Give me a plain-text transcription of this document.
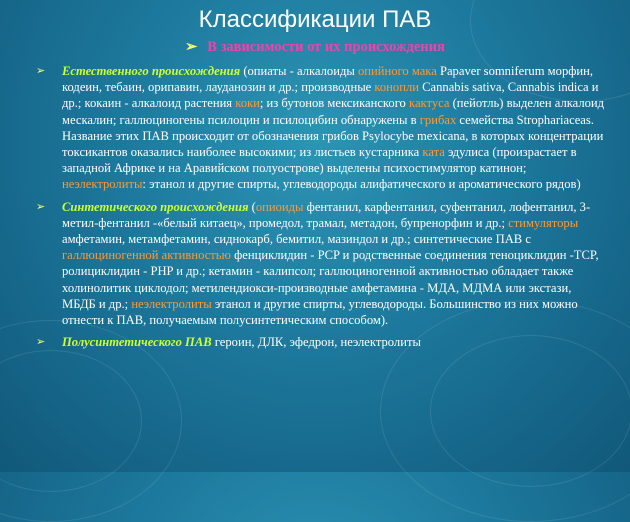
Классификации ПАВ
➢ В зависимости от их происхождения
➢ Естественного происхождения (опиаты - алкалоиды опийного мака Papaver somniferum морфин, кодеин, тебаин, орипавин, лауданозин и др.; производные конопли Cannabis sativa, Cannabis indica и др.; кокаин - алкалоид растения коки; из бутонов мексиканского кактуса (пейотль) выделен алкалоид мескалин; галлюциногены псилоцин и псилоцибин обнаружены в грибах семейства Strophariaceas. Название этих ПАВ происходит от обозначения грибов Psylocybe mexicana, в которых концентрации токсикантов оказались наиболее высокими; из листьев кустарника ката эдулиса (произрастает в западной Африке и на Аравийском полуострове) выделены психостимулятор катинон; неэлектролиты: этанол и другие спирты, углеводороды алифатического и ароматического рядов)
➢ Синтетического происхождения (опиоиды фентанил, карфентанил, суфентанил, лофентанил, 3-метил-фентанил -«белый китаец», промедол, трамал, метадон, бупренорфин и др.; стимуляторы амфетамин, метамфетамин, сиднокарб, бемитил, мазиндол и др.; синтетические ПАВ с галлюциногенной активностью фенциклидин - PCP и родственные соединения теноциклидин -TCP, ролициклидин - PHP и др.; кетамин - калипсол; галлюциногенной активностью обладает также холинолитик циклодол; метилендиокси-производные амфетамина - МДА, МДМА или экстази, МБДБ и др.; неэлектролиты этанол и другие спирты, углеводороды. Большинство из них можно отнести к ПАВ, получаемым полусинтетическим способом).
➢ Полусинтетического ПАВ героин, ДЛК, эфедрон, неэлектролиты
